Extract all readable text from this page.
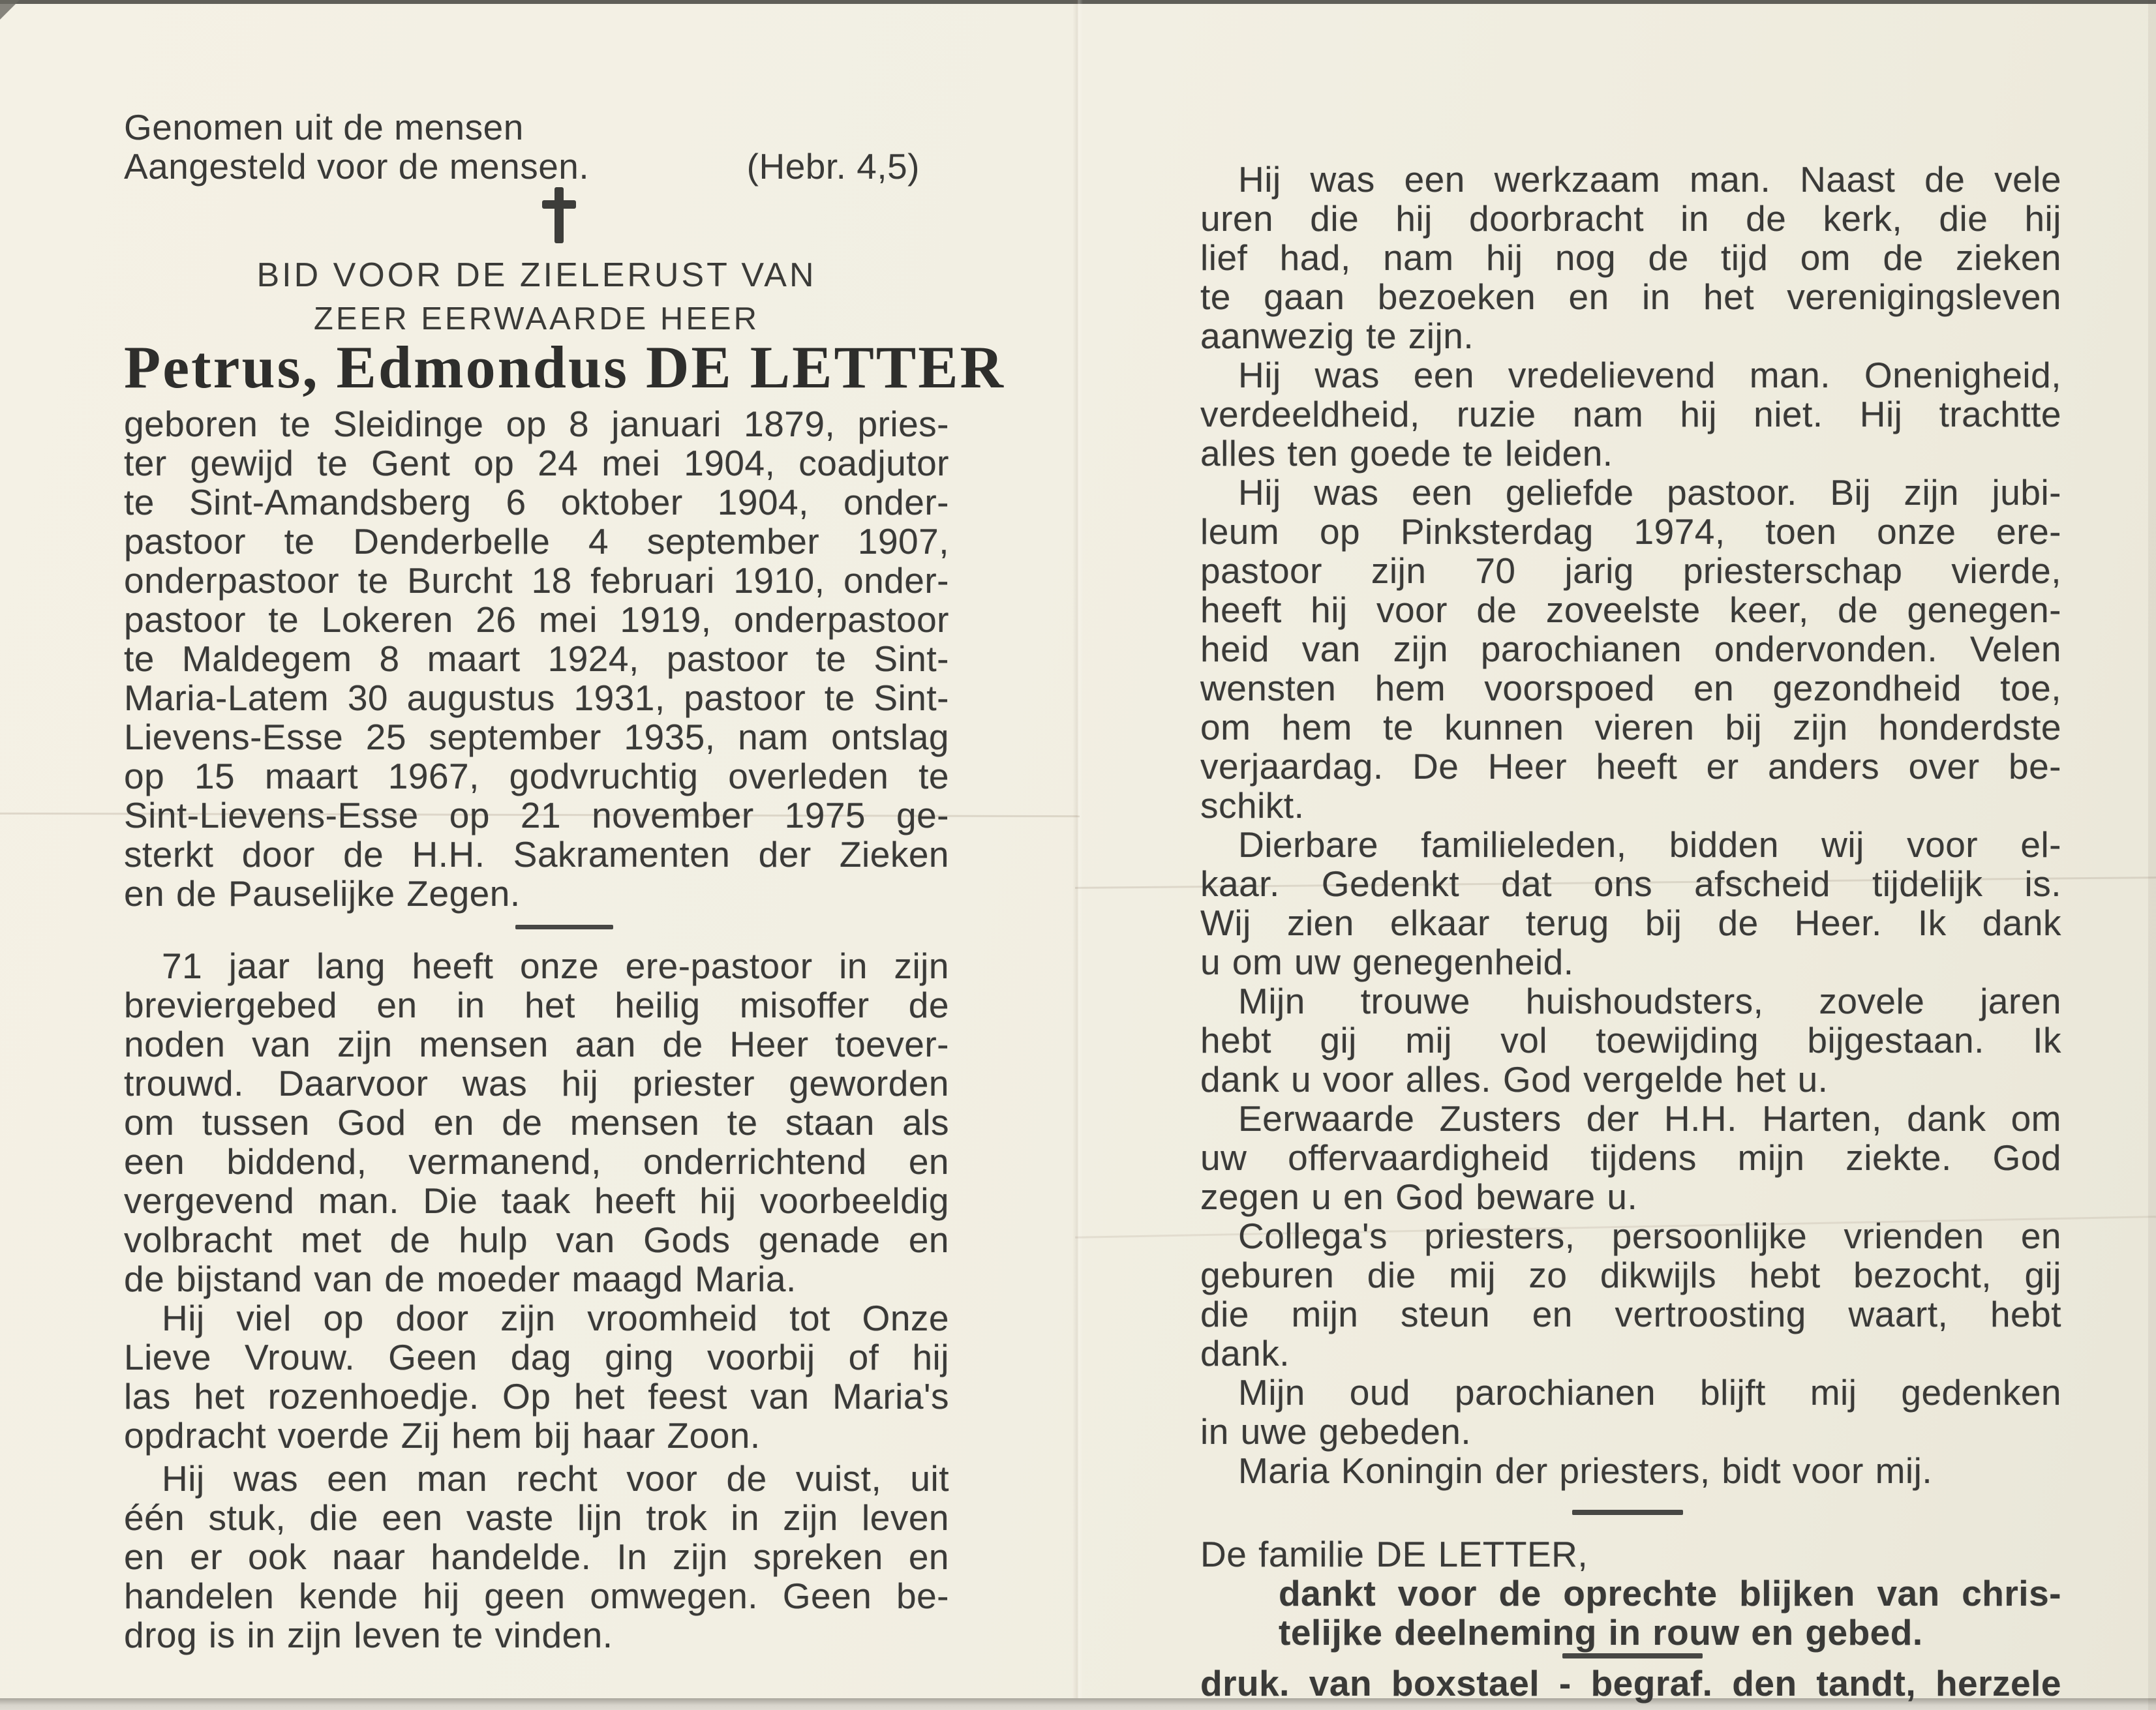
Genomen uit de mensen
Aangesteld voor de mensen.	(Hebr. 4,5)
BID VOOR DE ZIELERUST VAN
ZEER EERWAARDE HEER
Petrus, Edmondus DE LETTER
geboren te Sleidinge op 8 januari 1879, pries-
ter gewijd te Gent op 24 mei 1904, coadjutor
te Sint-Amandsberg 6 oktober 1904, onder-
pastoor te Denderbelle 4 september 1907,
onderpastoor te Burcht 18 februari 1910, onder-
pastoor te Lokeren 26 mei 1919, onderpastoor
te Maldegem 8 maart 1924, pastoor te Sint-
Maria-Latem 30 augustus 1931, pastoor te Sint-
Lievens-Esse 25 september 1935, nam ontslag
op 15 maart 1967, godvruchtig overleden te
Sint-Lievens-Esse op 21 november 1975 ge-
sterkt door de H.H. Sakramenten der Zieken
en de Pauselijke Zegen.
71 jaar lang heeft onze ere-pastoor in zijn
breviergebed en in het heilig misoffer de
noden van zijn mensen aan de Heer toever-
trouwd. Daarvoor was hij priester geworden
om tussen God en de mensen te staan als
een biddend, vermanend, onderrichtend en
vergevend man. Die taak heeft hij voorbeeldig
volbracht met de hulp van Gods genade en
de bijstand van de moeder maagd Maria.
Hij viel op door zijn vroomheid tot Onze
Lieve Vrouw. Geen dag ging voorbij of hij
las het rozenhoedje. Op het feest van Maria's
opdracht voerde Zij hem bij haar Zoon.
Hij was een man recht voor de vuist, uit
één stuk, die een vaste lijn trok in zijn leven
en er ook naar handelde. In zijn spreken en
handelen kende hij geen omwegen. Geen be-
drog is in zijn leven te vinden.
Hij was een werkzaam man. Naast de vele
uren die hij doorbracht in de kerk, die hij
lief had, nam hij nog de tijd om de zieken
te gaan bezoeken en in het verenigingsleven
aanwezig te zijn.
Hij was een vredelievend man. Onenigheid,
verdeeldheid, ruzie nam hij niet. Hij trachtte
alles ten goede te leiden.
Hij was een geliefde pastoor. Bij zijn jubi-
leum op Pinksterdag 1974, toen onze ere-
pastoor zijn 70 jarig priesterschap vierde,
heeft hij voor de zoveelste keer, de genegen-
heid van zijn parochianen ondervonden. Velen
wensten hem voorspoed en gezondheid toe,
om hem te kunnen vieren bij zijn honderdste
verjaardag. De Heer heeft er anders over be-
schikt.
Dierbare familieleden, bidden wij voor el-
kaar. Gedenkt dat ons afscheid tijdelijk is.
Wij zien elkaar terug bij de Heer. Ik dank
u om uw genegenheid.
Mijn trouwe huishoudsters, zovele jaren
hebt gij mij vol toewijding bijgestaan. Ik
dank u voor alles. God vergelde het u.
Eerwaarde Zusters der H.H. Harten, dank om
uw offervaardigheid tijdens mijn ziekte. God
zegen u en God beware u.
Collega's priesters, persoonlijke vrienden en
geburen die mij zo dikwijls hebt bezocht, gij
die mijn steun en vertroosting waart, hebt
dank.
Mijn oud parochianen blijft mij gedenken
in uwe gebeden.
Maria Koningin der priesters, bidt voor mij.
De familie DE LETTER,
dankt voor de oprechte blijken van chris-
telijke deelneming in rouw en gebed.
druk. van boxstael - begraf. den tandt, herzele
